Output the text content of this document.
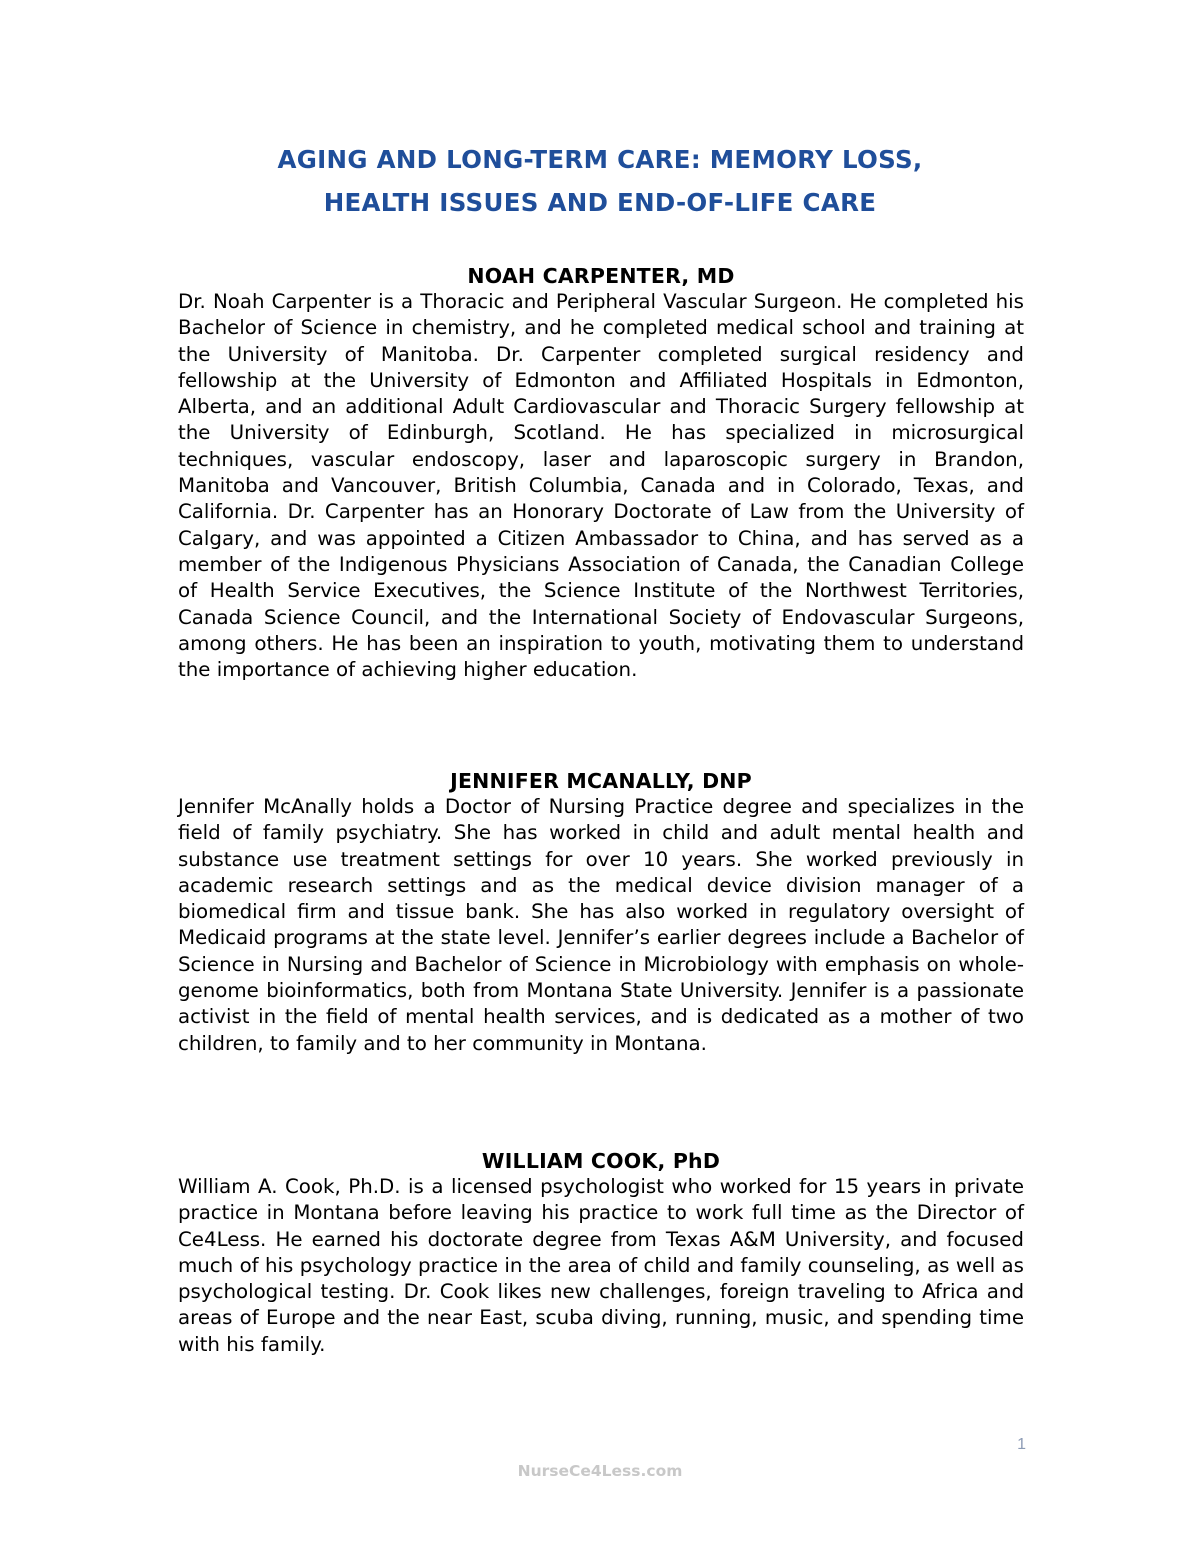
AGING AND LONG-TERM CARE: MEMORY LOSS,
HEALTH ISSUES AND END-OF-LIFE CARE
NOAH CARPENTER, MD

Dr. Noah Carpenter is a Thoracic and Peripheral Vascular Surgeon. He completed his Bachelor of Science in chemistry, and he completed medical school and training at the University of Manitoba. Dr. Carpenter completed surgical residency and fellowship at the University of Edmonton and Affiliated Hospitals in Edmonton, Alberta, and an additional Adult Cardiovascular and Thoracic Surgery fellowship at the University of Edinburgh, Scotland. He has specialized in microsurgical techniques, vascular endoscopy, laser and laparoscopic surgery in Brandon, Manitoba and Vancouver, British Columbia, Canada and in Colorado, Texas, and California. Dr. Carpenter has an Honorary Doctorate of Law from the University of Calgary, and was appointed a Citizen Ambassador to China, and has served as a member of the Indigenous Physicians Association of Canada, the Canadian College of Health Service Executives, the Science Institute of the Northwest Territories, Canada Science Council, and the International Society of Endovascular Surgeons, among others. He has been an inspiration to youth, motivating them to understand the importance of achieving higher education.

JENNIFER MCANALLY, DNP

Jennifer McAnally holds a Doctor of Nursing Practice degree and specializes in the field of family psychiatry. She has worked in child and adult mental health and substance use treatment settings for over 10 years. She worked previously in academic research settings and as the medical device division manager of a biomedical firm and tissue bank. She has also worked in regulatory oversight of Medicaid programs at the state level. Jennifer’s earlier degrees include a Bachelor of Science in Nursing and Bachelor of Science in Microbiology with emphasis on whole-genome bioinformatics, both from Montana State University. Jennifer is a passionate activist in the field of mental health services, and is dedicated as a mother of two children, to family and to her community in Montana.

WILLIAM COOK, PhD

William A. Cook, Ph.D. is a licensed psychologist who worked for 15 years in private practice in Montana before leaving his practice to work full time as the Director of Ce4Less. He earned his doctorate degree from Texas A&M University, and focused much of his psychology practice in the area of child and family counseling, as well as psychological testing. Dr. Cook likes new challenges, foreign traveling to Africa and areas of Europe and the near East, scuba diving, running, music, and spending time with his family.

1
NurseCe4Less.com
